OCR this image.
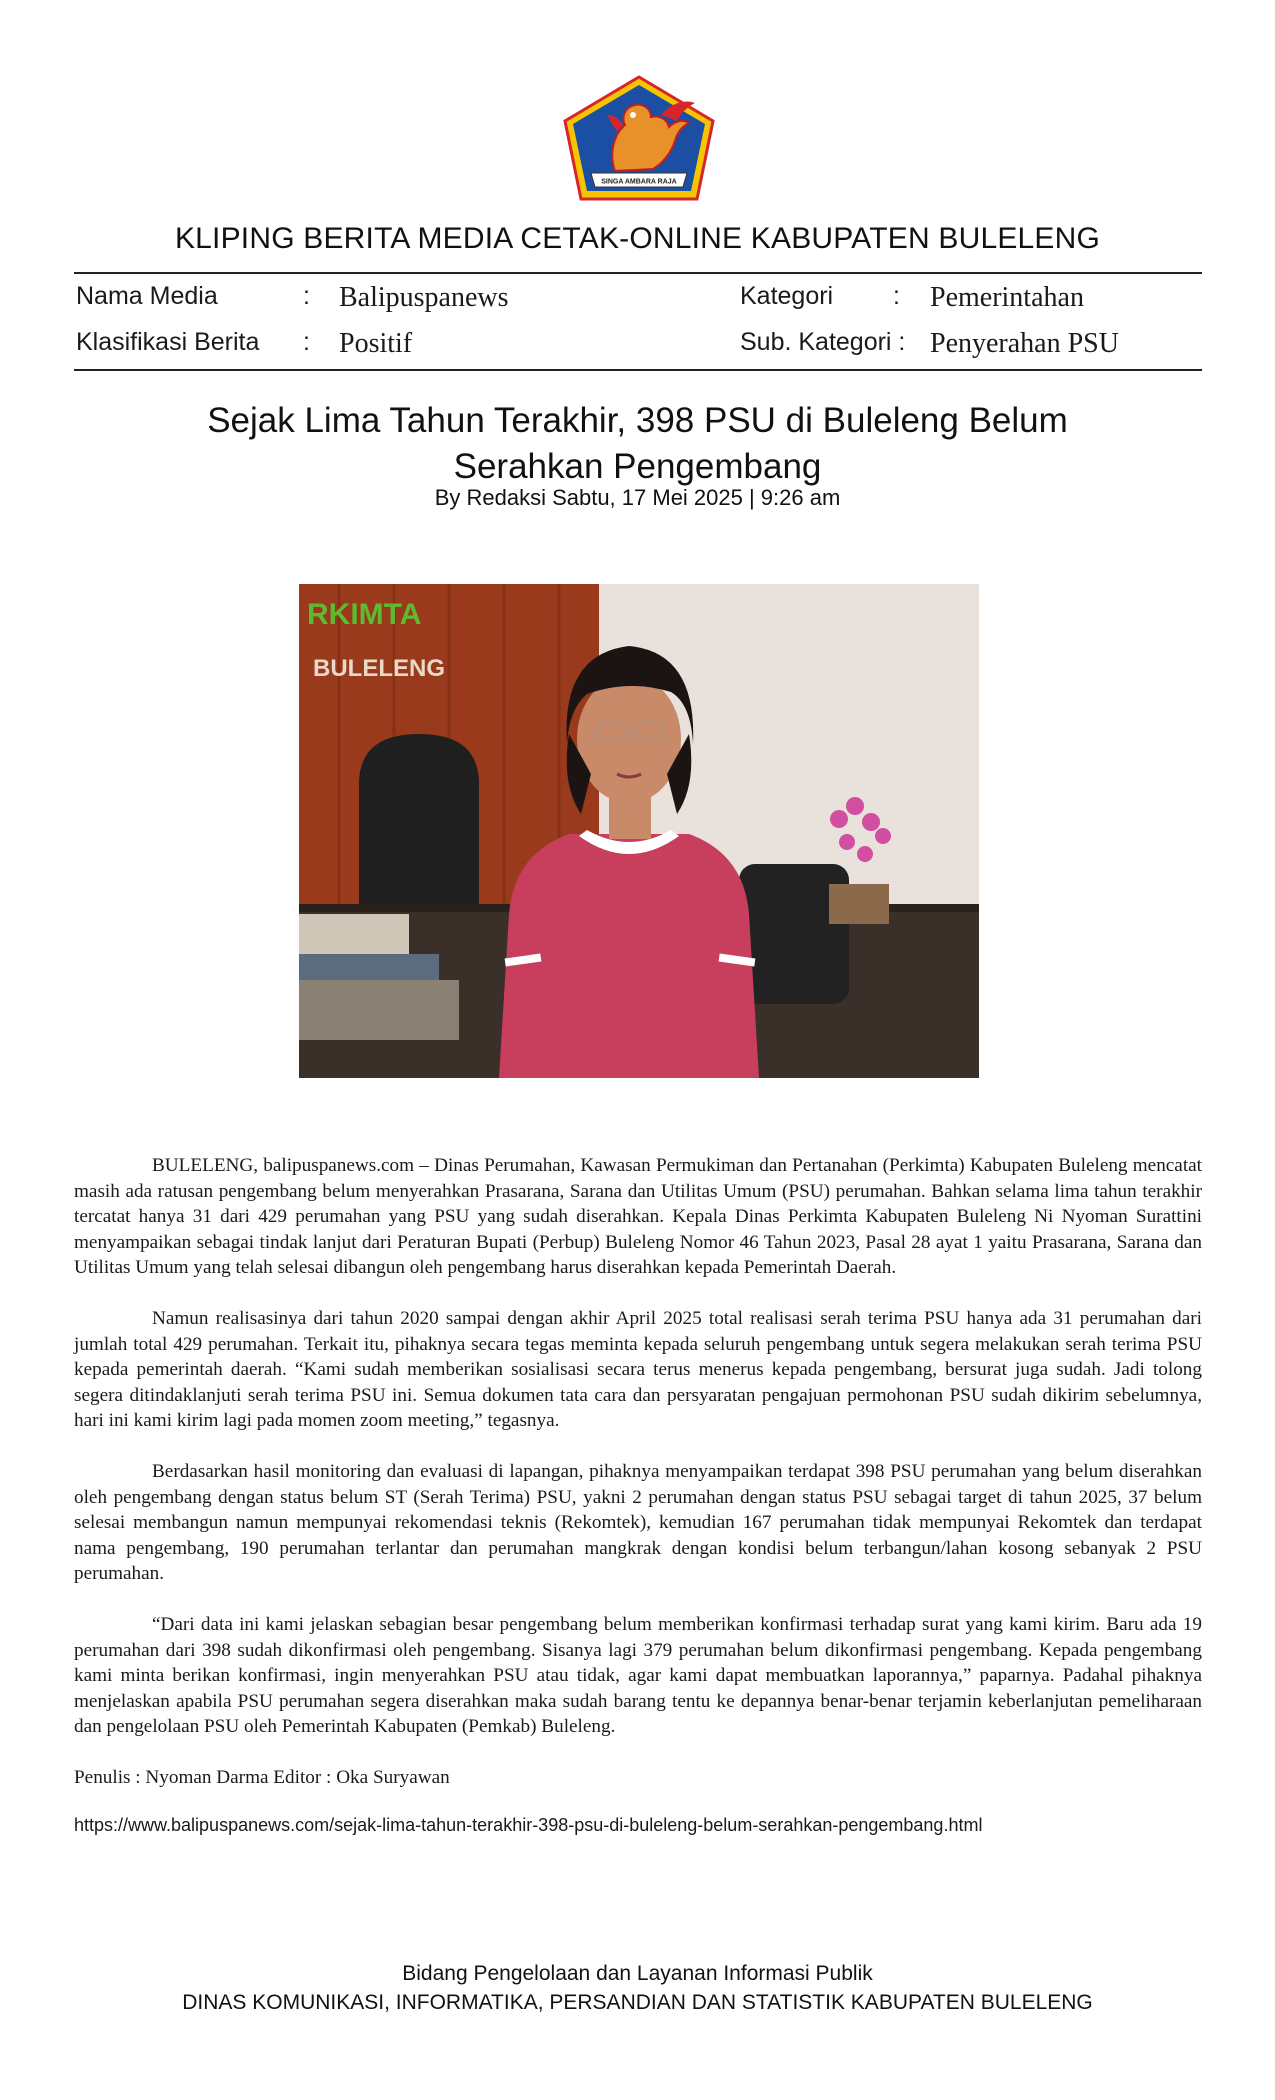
SINGA AMBARA RAJA
KLIPING BERITA MEDIA CETAK-ONLINE KABUPATEN BULELENG
Nama Media	: Balipuspanews	Kategori : Pemerintahan
Klasifikasi Berita : Positif	Sub. Kategori : Penyerahan PSU
Sejak Lima Tahun Terakhir, 398 PSU di Buleleng Belum
Serahkan Pengembang
By Redaksi Sabtu, 17 Mei 2025 | 9:26 am
RKIMTA
BULELENG

BULELENG, balipuspanews.com – Dinas Perumahan, Kawasan Permukiman dan Pertanahan (Perkimta) Kabupaten Buleleng mencatat masih ada ratusan pengembang belum menyerahkan Prasarana, Sarana dan Utilitas Umum (PSU) perumahan. Bahkan selama lima tahun terakhir tercatat hanya 31 dari 429 perumahan yang PSU yang sudah diserahkan. Kepala Dinas Perkimta Kabupaten Buleleng Ni Nyoman Surattini menyampaikan sebagai tindak lanjut dari Peraturan Bupati (Perbup) Buleleng Nomor 46 Tahun 2023, Pasal 28 ayat 1 yaitu Prasarana, Sarana dan Utilitas Umum yang telah selesai dibangun oleh pengembang harus diserahkan kepada Pemerintah Daerah.

Namun realisasinya dari tahun 2020 sampai dengan akhir April 2025 total realisasi serah terima PSU hanya ada 31 perumahan dari jumlah total 429 perumahan. Terkait itu, pihaknya secara tegas meminta kepada seluruh pengembang untuk segera melakukan serah terima PSU kepada pemerintah daerah. “Kami sudah memberikan sosialisasi secara terus menerus kepada pengembang, bersurat juga sudah. Jadi tolong segera ditindaklanjuti serah terima PSU ini. Semua dokumen tata cara dan persyaratan pengajuan permohonan PSU sudah dikirim sebelumnya, hari ini kami kirim lagi pada momen zoom meeting,” tegasnya.

Berdasarkan hasil monitoring dan evaluasi di lapangan, pihaknya menyampaikan terdapat 398 PSU perumahan yang belum diserahkan oleh pengembang dengan status belum ST (Serah Terima) PSU, yakni 2 perumahan dengan status PSU sebagai target di tahun 2025, 37 belum selesai membangun namun mempunyai rekomendasi teknis (Rekomtek), kemudian 167 perumahan tidak mempunyai Rekomtek dan terdapat nama pengembang, 190 perumahan terlantar dan perumahan mangkrak dengan kondisi belum terbangun/lahan kosong sebanyak 2 PSU perumahan.

“Dari data ini kami jelaskan sebagian besar pengembang belum memberikan konfirmasi terhadap surat yang kami kirim. Baru ada 19 perumahan dari 398 sudah dikonfirmasi oleh pengembang. Sisanya lagi 379 perumahan belum dikonfirmasi pengembang. Kepada pengembang kami minta berikan konfirmasi, ingin menyerahkan PSU atau tidak, agar kami dapat membuatkan laporannya,” paparnya. Padahal pihaknya menjelaskan apabila PSU perumahan segera diserahkan maka sudah barang tentu ke depannya benar-benar terjamin keberlanjutan pemeliharaan dan pengelolaan PSU oleh Pemerintah Kabupaten (Pemkab) Buleleng.

Penulis : Nyoman Darma Editor : Oka Suryawan

https://www.balipuspanews.com/sejak-lima-tahun-terakhir-398-psu-di-buleleng-belum-serahkan-pengembang.html

Bidang Pengelolaan dan Layanan Informasi Publik
DINAS KOMUNIKASI, INFORMATIKA, PERSANDIAN DAN STATISTIK KABUPATEN BULELENG
